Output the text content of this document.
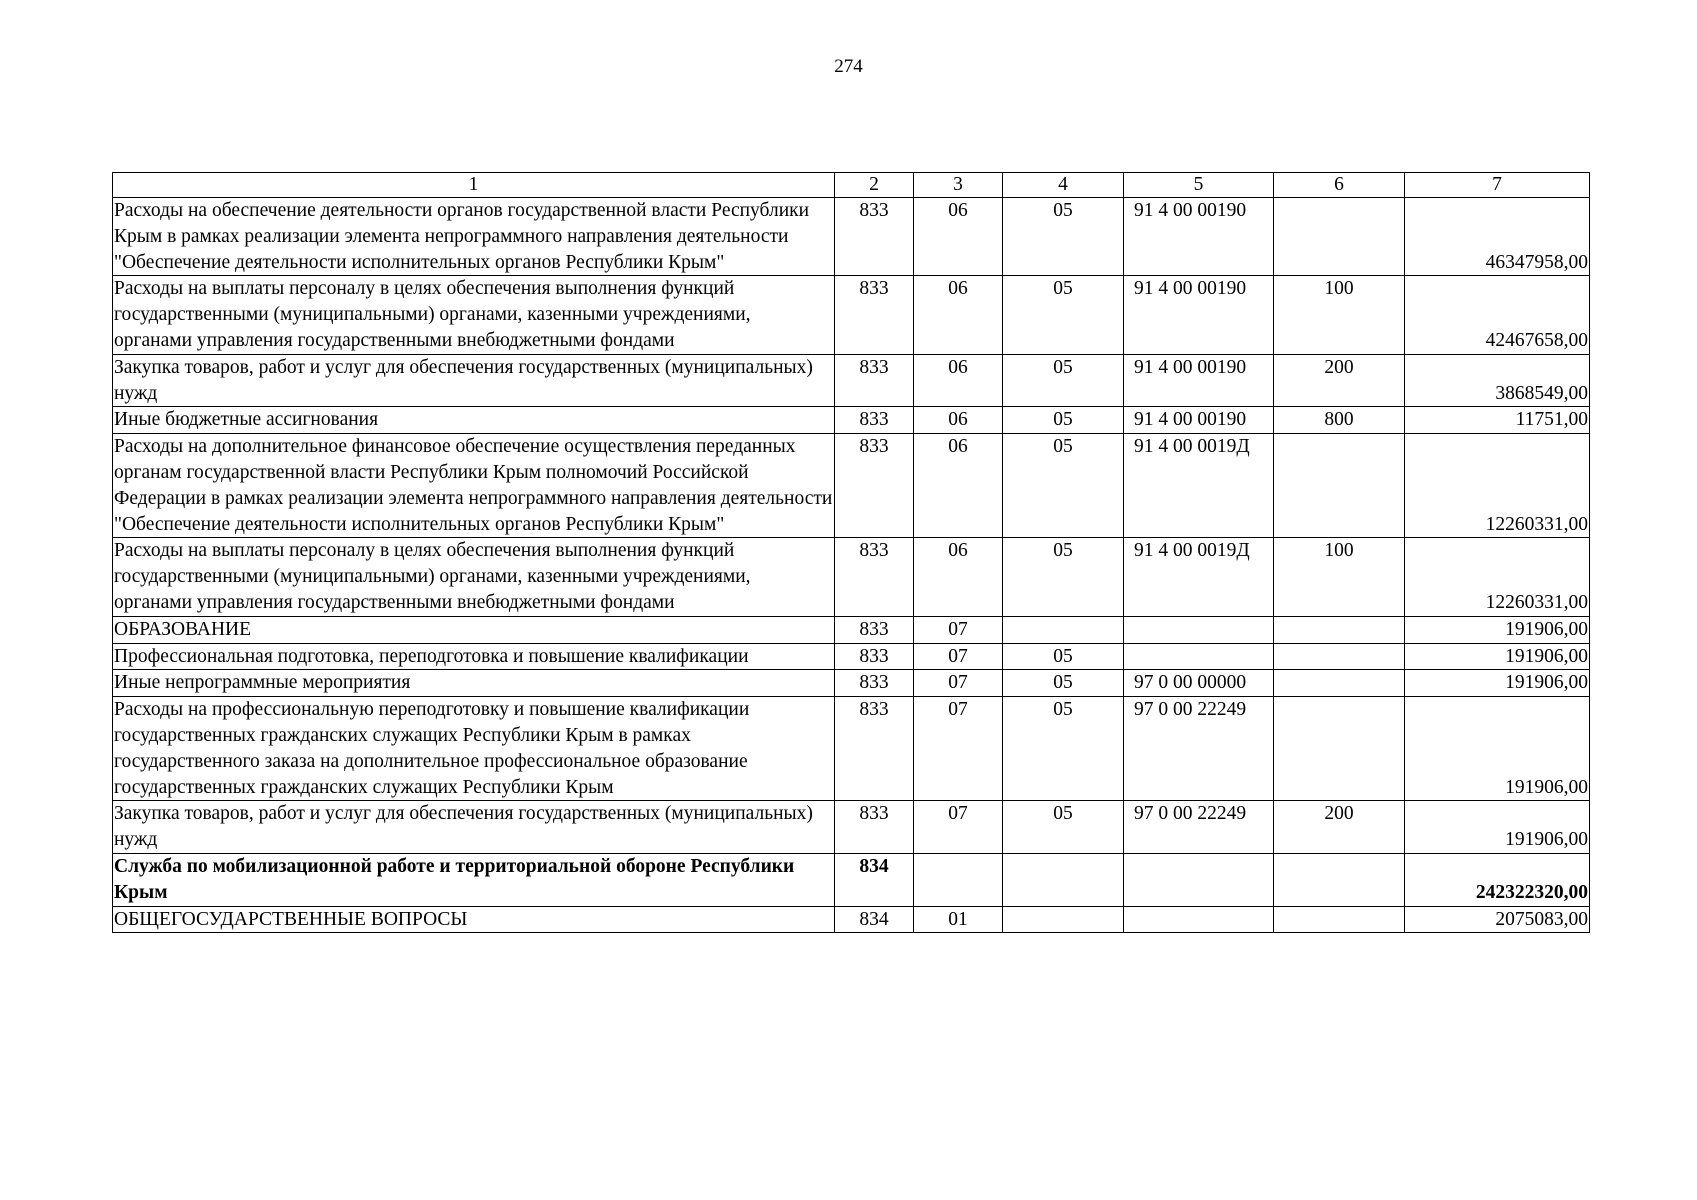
274
1	2	3	4	5	6	7
Расходы на обеспечение деятельности органов государственной власти Республики Крым в рамках реализации элемента непрограммного направления деятельности "Обеспечение деятельности исполнительных органов Республики Крым"	833	06	05	91 4 00 00190		46347958,00
Расходы на выплаты персоналу в целях обеспечения выполнения функций государственными (муниципальными) органами, казенными учреждениями, органами управления государственными внебюджетными фондами	833	06	05	91 4 00 00190	100	42467658,00
Закупка товаров, работ и услуг для обеспечения государственных (муниципальных) нужд	833	06	05	91 4 00 00190	200	3868549,00
Иные бюджетные ассигнования	833	06	05	91 4 00 00190	800	11751,00
Расходы на дополнительное финансовое обеспечение осуществления переданных органам государственной власти Республики Крым полномочий Российской Федерации в рамках реализации элемента непрограммного направления деятельности "Обеспечение деятельности исполнительных органов Республики Крым"	833	06	05	91 4 00 0019Д		12260331,00
Расходы на выплаты персоналу в целях обеспечения выполнения функций государственными (муниципальными) органами, казенными учреждениями, органами управления государственными внебюджетными фондами	833	06	05	91 4 00 0019Д	100	12260331,00
ОБРАЗОВАНИЕ	833	07				191906,00
Профессиональная подготовка, переподготовка и повышение квалификации	833	07	05			191906,00
Иные непрограммные мероприятия	833	07	05	97 0 00 00000		191906,00
Расходы на профессиональную переподготовку и повышение квалификации государственных гражданских служащих Республики Крым в рамках государственного заказа на дополнительное профессиональное образование государственных гражданских служащих Республики Крым	833	07	05	97 0 00 22249		191906,00
Закупка товаров, работ и услуг для обеспечения государственных (муниципальных) нужд	833	07	05	97 0 00 22249	200	191906,00
Служба по мобилизационной работе и территориальной обороне Республики Крым	834					242322320,00
ОБЩЕГОСУДАРСТВЕННЫЕ ВОПРОСЫ	834	01				2075083,00
